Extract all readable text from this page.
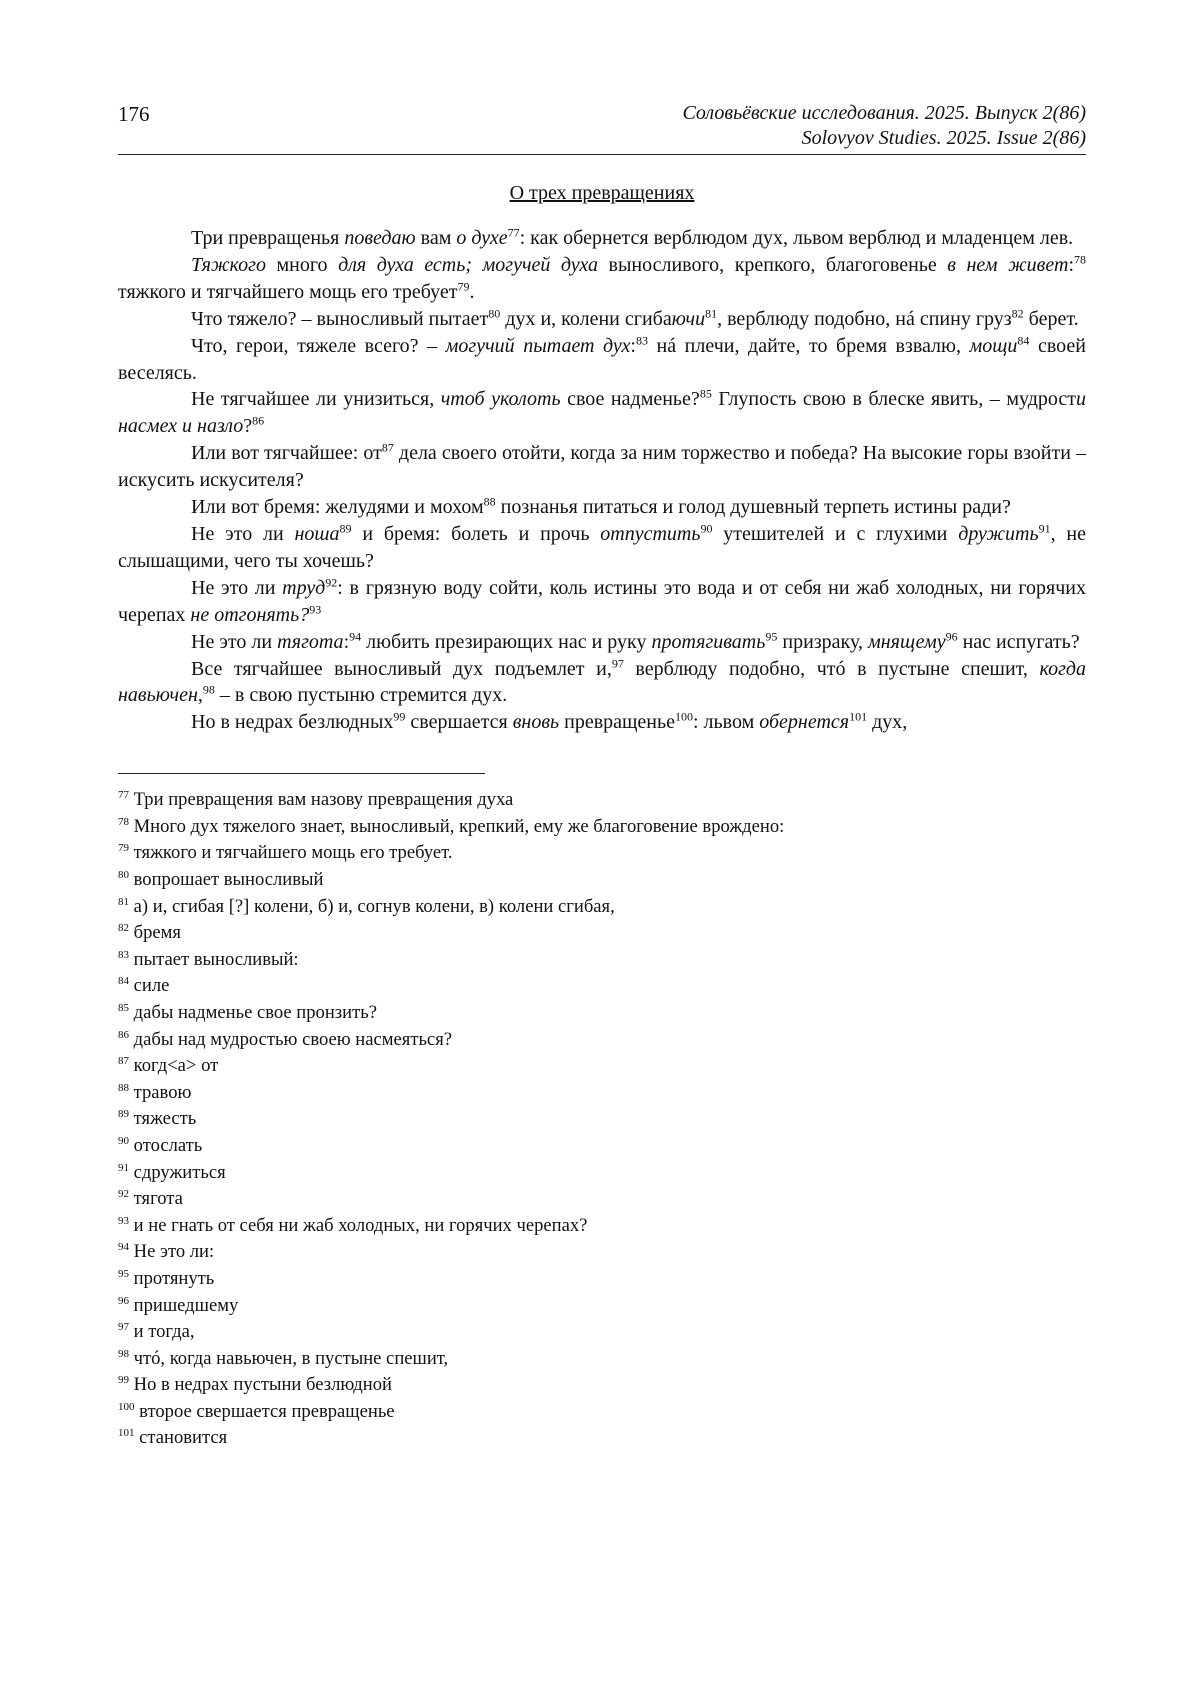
176	Соловьёвские исследования. 2025. Выпуск 2(86)
Solovyov Studies. 2025. Issue 2(86)
О трех превращениях

Три превращенья поведаю вам о духе$^{77}$: как обернется верблюдом дух, львом верблюд и младенцем лев.

Тяжкого много для духа есть; могучей духа выносливого, крепкого, благоговенье в нем живет:$^{78}$ тяжкого и тягчайшего мощь его требует$^{79}$.

Что тяжело? – выносливый пытает$^{80}$ дух и, колени сгибаючи$^{81}$, верблюду подобно, нá спину груз$^{82}$ берет.

Что, герои, тяжеле всего? – могучий пытает дух:$^{83}$ нá плечи, дайте, то бремя взвалю, мощи$^{84}$ своей веселясь.

Не тягчайшее ли унизиться, чтоб уколоть свое надменье?$^{85}$ Глупость свою в блеске явить, – мудрости насмех и назло?$^{86}$

Или вот тягчайшее: $от^{87}$ дела своего отойти, когда за ним торжество и победа? На высокие горы взойти – искусить искусителя?

Или вот бремя: желудями и мохом$^{88}$ познанья питаться и голод душевный терпеть истины ради?

Не это ли ноша$^{89}$ и бремя: болеть и прочь отпустить$^{90}$ утешителей и с глухими дружить$^{91}$, не слышащими, чего ты хочешь?

Не это ли труд$^{92}$: в грязную воду сойти, коль истины это вода и от себя ни жаб холодных, ни горячих черепах не отгонять?$^{93}$

Не это ли тягота:$^{94}$ любить презирающих нас и руку протягивать$^{95}$ призраку, мнящему$^{96}$ нас испугать?

Все тягчайшее выносливый дух подъемлет и,$^{97}$ верблюду подобно, чтó в пустыне спешит, когда навьючен,$^{98}$ – в свою пустыню стремится дух.

Но в недрах безлюдных$^{99}$ свершается вновь превращенье$^{100}$: львом обернется$^{101}$ дух,

$^{77}$ Три превращения вам назову превращения духа
$^{78}$ Много дух тяжелого знает, выносливый, крепкий, ему же благоговение врождено:
$^{79}$ тяжкого и тягчайшего мощь его требует.
$^{80}$ вопрошает выносливый
$^{81}$ а) и, сгибая [?] колени, б) и, согнув колени, в) колени сгибая,
$^{82}$ бремя
$^{83}$ пытает выносливый:
$^{84}$ силе
$^{85}$ дабы надменье свое пронзить?
$^{86}$ дабы над мудростью своею насмеяться?
$^{87}$ когд<а> от
$^{88}$ травою
$^{89}$ тяжесть
$^{90}$ отослать
$^{91}$ сдружиться
$^{92}$ тягота
$^{93}$ и не гнать от себя ни жаб холодных, ни горячих черепах?
$^{94}$ Не это ли:
$^{95}$ протянуть
$^{96}$ пришедшему
$^{97}$ и тогда,
$^{98}$ чтó, когда навьючен, в пустыне спешит,
$^{99}$ Но в недрах пустыни безлюдной
$^{100}$ второе свершается превращенье
$^{101}$ становится
